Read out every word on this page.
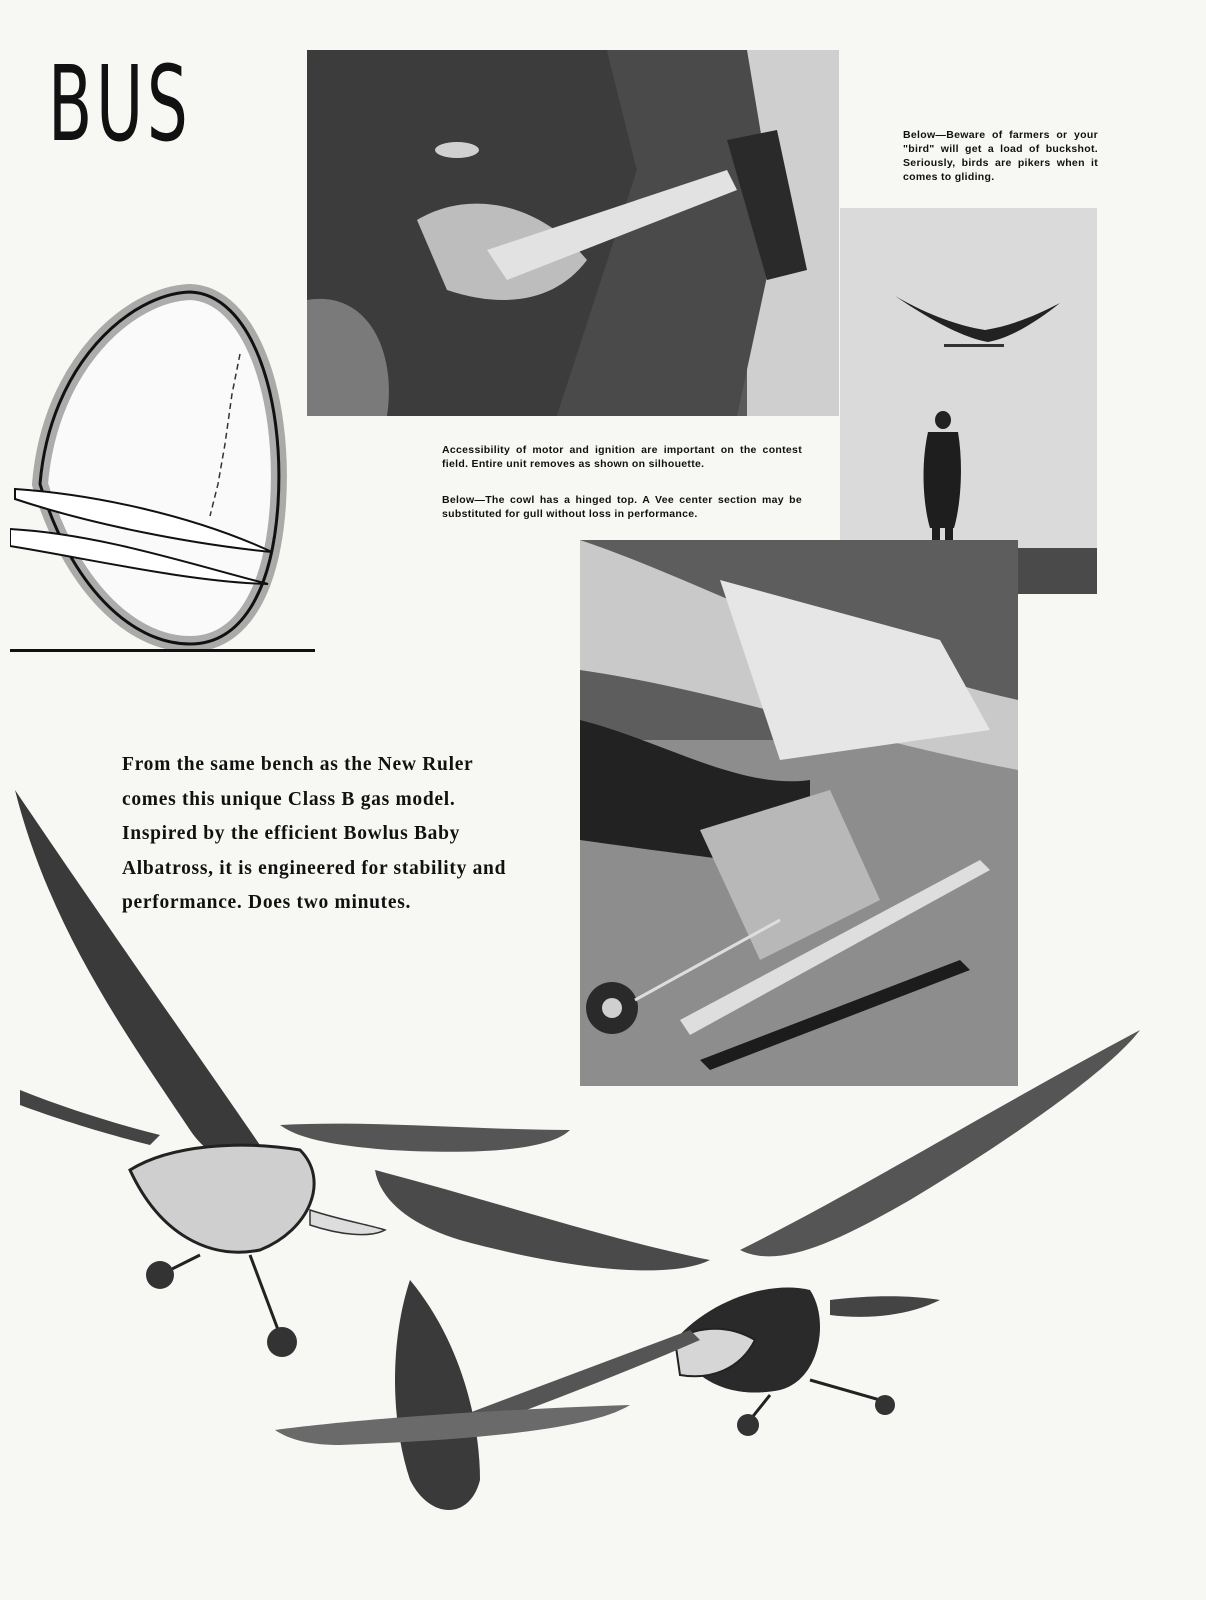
BUS	Below—Beware of farmers or your "bird" will get a load of buckshot. Seriously, birds are pikers when it comes to gliding.

Accessibility of motor and ignition are important on the contest field. Entire unit removes as shown on silhouette.

Below—The cowl has a hinged top. A Vee center section may be substituted for gull without loss in performance.

From the same bench as the New Ruler comes this unique Class B gas model. Inspired by the efficient Bowlus Baby Albatross, it is engineered for stability and performance. Does two minutes.
